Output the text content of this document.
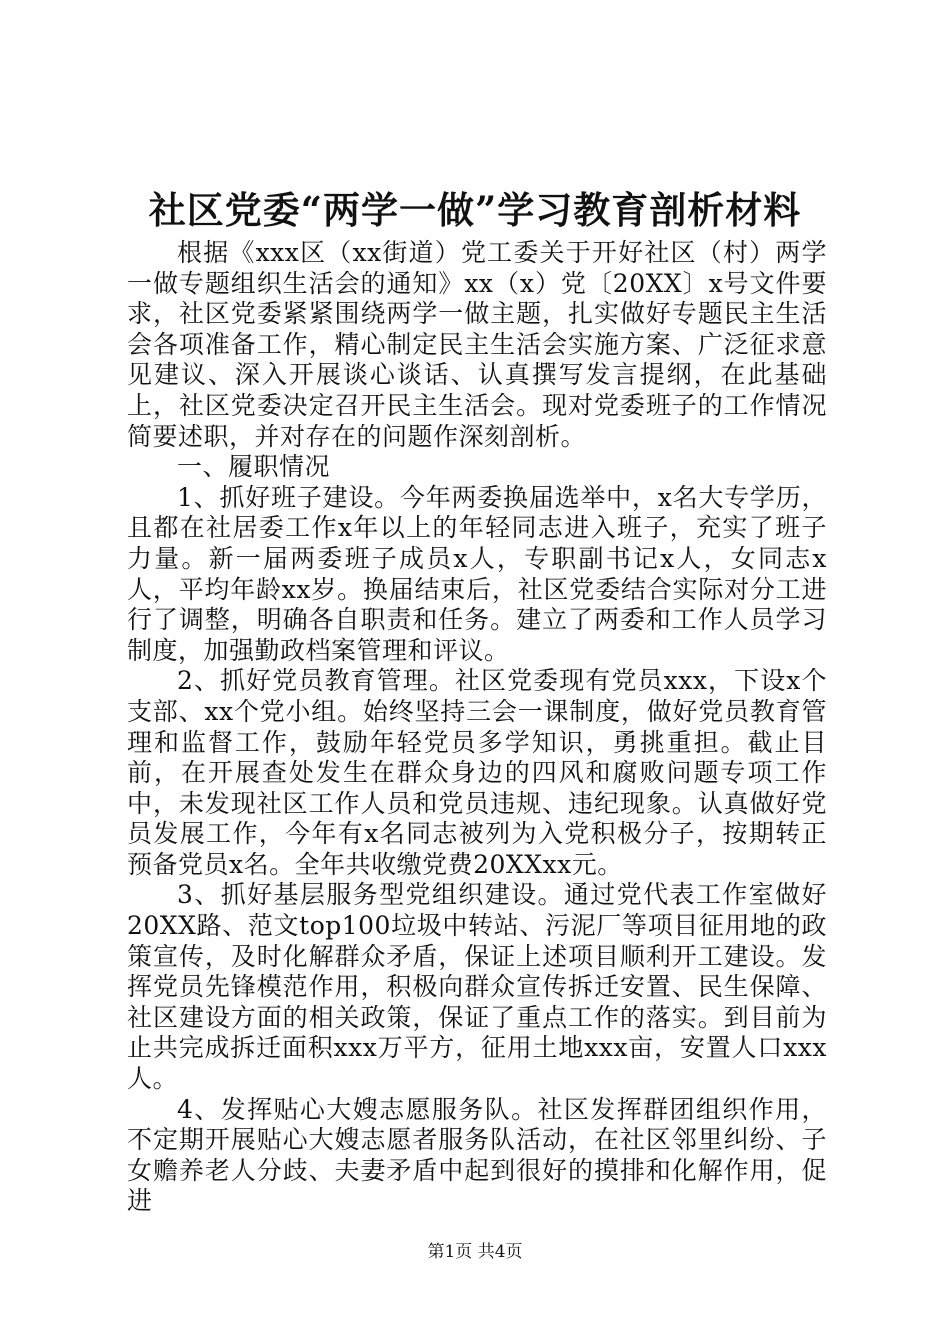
社区党委“两学一做”学习教育剖析材料

根据《xxx区（xx街道）党工委关于开好社区（村）两学一做专题组织生活会的通知》xx（x）党〔20XX〕x号文件要求，社区党委紧紧围绕两学一做主题，扎实做好专题民主生活会各项准备工作，精心制定民主生活会实施方案、广泛征求意见建议、深入开展谈心谈话、认真撰写发言提纲，在此基础上，社区党委决定召开民主生活会。现对党委班子的工作情况简要述职，并对存在的问题作深刻剖析。

一、履职情况

1、抓好班子建设。今年两委换届选举中，x名大专学历，且都在社居委工作x年以上的年轻同志进入班子，充实了班子力量。新一届两委班子成员x人，专职副书记x人，女同志x人，平均年龄xx岁。换届结束后，社区党委结合实际对分工进行了调整，明确各自职责和任务。建立了两委和工作人员学习制度，加强勤政档案管理和评议。

2、抓好党员教育管理。社区党委现有党员xxx，下设x个支部、xx个党小组。始终坚持三会一课制度，做好党员教育管理和监督工作，鼓励年轻党员多学知识，勇挑重担。截止目前，在开展查处发生在群众身边的四风和腐败问题专项工作中，未发现社区工作人员和党员违规、违纪现象。认真做好党员发展工作，今年有x名同志被列为入党积极分子，按期转正预备党员x名。全年共收缴党费20XXxx元。

3、抓好基层服务型党组织建设。通过党代表工作室做好20XX路、范文top100垃圾中转站、污泥厂等项目征用地的政策宣传，及时化解群众矛盾，保证上述项目顺利开工建设。发挥党员先锋模范作用，积极向群众宣传拆迁安置、民生保障、社区建设方面的相关政策，保证了重点工作的落实。到目前为止共完成拆迁面积xxx万平方，征用土地xxx亩，安置人口xxx人。

4、发挥贴心大嫂志愿服务队。社区发挥群团组织作用，不定期开展贴心大嫂志愿者服务队活动，在社区邻里纠纷、子女赡养老人分歧、夫妻矛盾中起到很好的摸排和化解作用，促进

第1页 共4页
